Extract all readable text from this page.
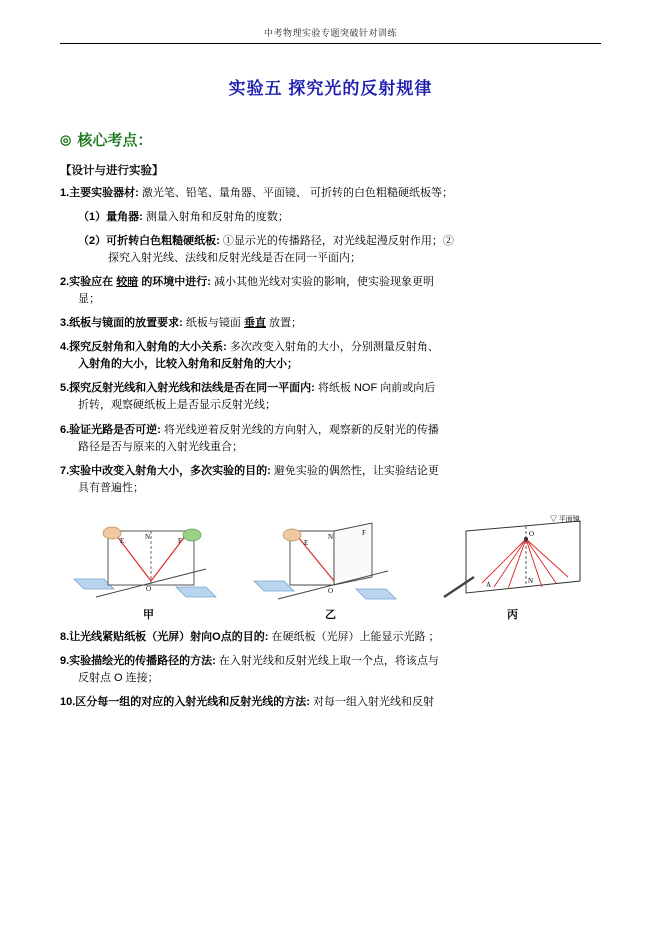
中考物理实验专题突破针对训练
实验五 探究光的反射规律
◎ 核心考点：
【设计与进行实验】
1.主要实验器材: 激光笔、铅笔、量角器、平面镜、 可折转的白色粗糙硬纸板等；
（1）量角器: 测量入射角和反射角的度数；
（2）可折转白色粗糙硬纸板: ①显示光的传播路径，对光线起漫反射作用；②
探究入射光线、法线和反射光线是否在同一平面内；
2.实验应在 较暗 的环境中进行: 减小其他光线对实验的影响，使实验现象更明
显；
3.纸板与镜面的放置要求: 纸板与镜面 垂直 放置；
4.探究反射角和入射角的大小关系: 多次改变入射角的大小，分别测量反射角、
入射角的大小，比较入射角和反射角的大小；
5.探究反射光线和入射光线和法线是否在同一平面内: 将纸板 NOF 向前或向后
折转，观察硬纸板上是否显示反射光线；
6.验证光路是否可逆: 将光线逆着反射光线的方向射入，观察新的反射光的传播
路径是否与原来的入射光线重合；
7.实验中改变入射角大小，多次实验的目的: 避免实验的偶然性，让实验结论更
具有普遍性；
E	F
N
O
甲
E
F
N
O
乙
O
N
A
▽ 平面镜
丙
8.让光线紧贴纸板（光屏）射向O点的目的: 在硬纸板（光屏）上能显示光路 ；
9.实验描绘光的传播路径的方法: 在入射光线和反射光线上取一个点，将该点与
反射点 O 连接；
10.区分每一组的对应的入射光线和反射光线的方法: 对每一组入射光线和反射
